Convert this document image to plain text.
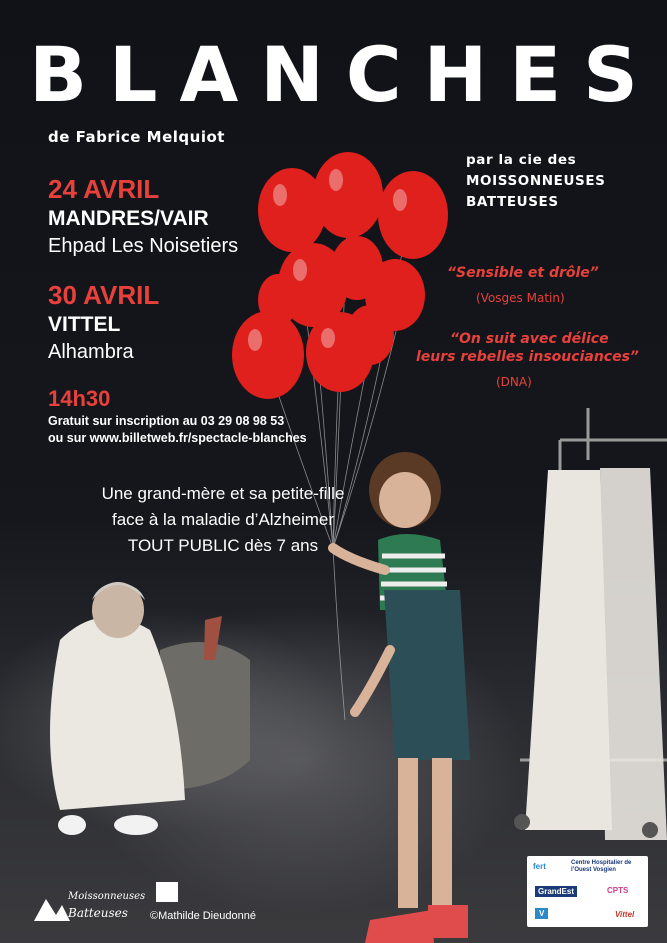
BLANCHES
de Fabrice Melquiot
par la cie des
MOISSONNEUSES
BATTEUSES
24 AVRIL
MANDRES/VAIR
Ehpad Les Noisetiers
30 AVRIL
VITTEL
Alhambra
14h30
Gratuit sur inscription au 03 29 08 98 53
ou sur www.billetweb.fr/spectacle-blanches
Une grand-mère et sa petite-fille
face à la maladie d’Alzheimer
TOUT PUBLIC dès 7 ans
“Sensible et drôle”
(Vosges Matin)
“On suit avec délice
leurs rebelles insouciances”
(DNA)
Moissonneuses
Batteuses ©Mathilde Dieudonné
fert	Centre Hospitalier de l’Ouest Vosgien
GrandEst	CPTS
V	Vittel
